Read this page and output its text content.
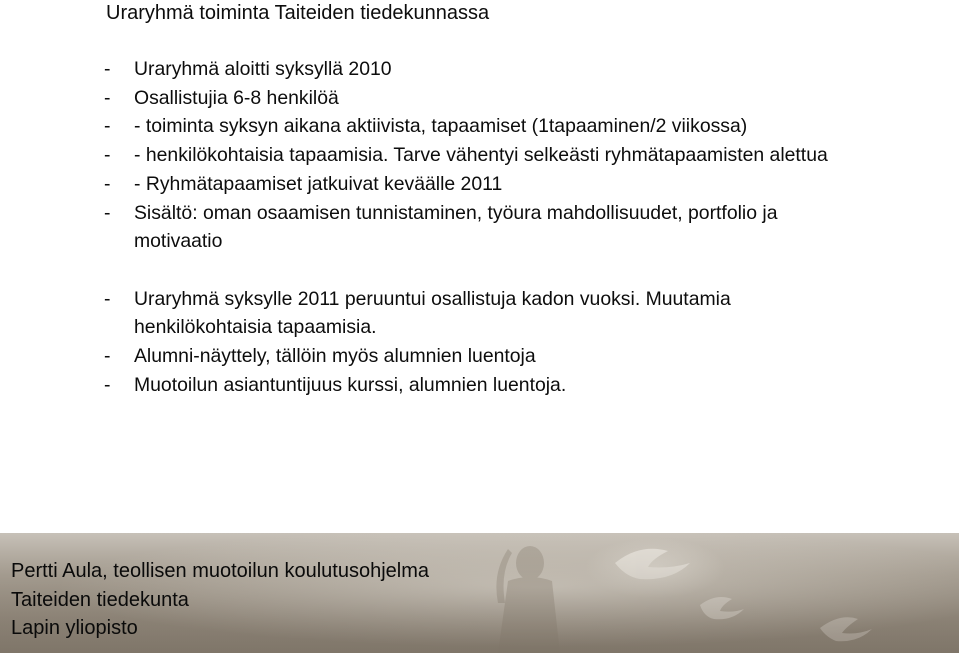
Uraryhmä toiminta Taiteiden tiedekunnassa
- Uraryhmä aloitti syksyllä 2010
- Osallistujia 6-8 henkilöä
- - toiminta syksyn aikana aktiivista, tapaamiset (1tapaaminen/2 viikossa)
- - henkilökohtaisia tapaamisia. Tarve vähentyi selkeästi ryhmätapaamisten alettua
- - Ryhmätapaamiset jatkuivat keväälle 2011
- Sisältö: oman osaamisen tunnistaminen, työura mahdollisuudet, portfolio ja motivaatio
- Uraryhmä syksylle 2011 peruuntui osallistuja kadon vuoksi. Muutamia henkilökohtaisia tapaamisia.
- Alumni-näyttely, tällöin myös alumnien luentoja
- Muotoilun asiantuntijuus kurssi, alumnien luentoja.
Pertti Aula, teollisen muotoilun koulutusohjelma
Taiteiden tiedekunta
Lapin yliopisto
